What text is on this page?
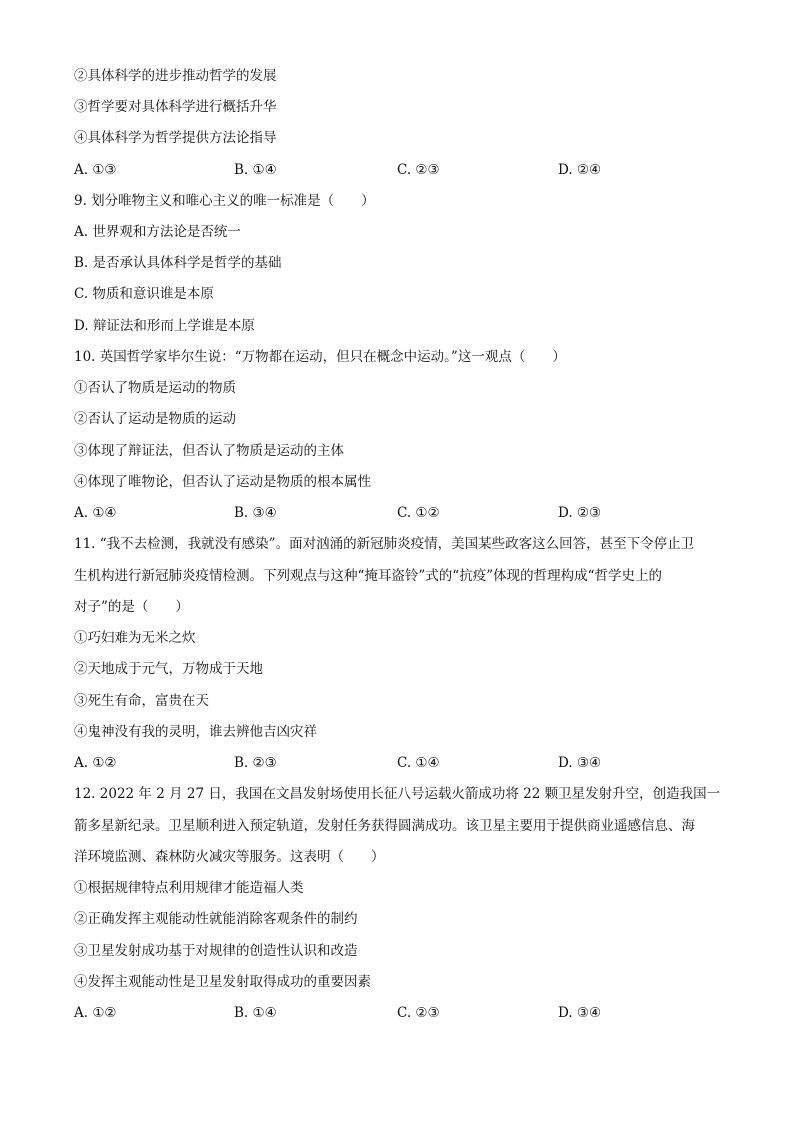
②具体科学的进步推动哲学的发展
③哲学要对具体科学进行概括升华
④具体科学为哲学提供方法论指导
A. ①③	B. ①④	C. ②③	D. ②④
9. 划分唯物主义和唯心主义的唯一标准是（　　）
A. 世界观和方法论是否统一
B. 是否承认具体科学是哲学的基础
C. 物质和意识谁是本原
D. 辩证法和形而上学谁是本原
10. 英国哲学家毕尔生说：“万物都在运动，但只在概念中运动。”这一观点（　　）
①否认了物质是运动的物质
②否认了运动是物质的运动
③体现了辩证法，但否认了物质是运动的主体
④体现了唯物论，但否认了运动是物质的根本属性
A. ①④	B. ③④	C. ①②	D. ②③
11. “我不去检测，我就没有感染”。面对汹涌的新冠肺炎疫情，美国某些政客这么回答，甚至下令停止卫
生机构进行新冠肺炎疫情检测。下列观点与这种“掩耳盗铃”式的“抗疫”体现的哲理构成“哲学史上的
对子”的是（　　）
①巧妇难为无米之炊
②天地成于元气，万物成于天地
③死生有命，富贵在天
④鬼神没有我的灵明，谁去辨他吉凶灾祥
A. ①②	B. ②③	C. ①④	D. ③④
12. 2022 年 2 月 27 日，我国在文昌发射场使用长征八号运载火箭成功将 22 颗卫星发射升空，创造我国一
箭多星新纪录。卫星顺利进入预定轨道，发射任务获得圆满成功。该卫星主要用于提供商业遥感信息、海
洋环境监测、森林防火减灾等服务。这表明（　　）
①根据规律特点利用规律才能造福人类
②正确发挥主观能动性就能消除客观条件的制约
③卫星发射成功基于对规律的创造性认识和改造
④发挥主观能动性是卫星发射取得成功的重要因素
A. ①②	B. ①④	C. ②③	D. ③④
